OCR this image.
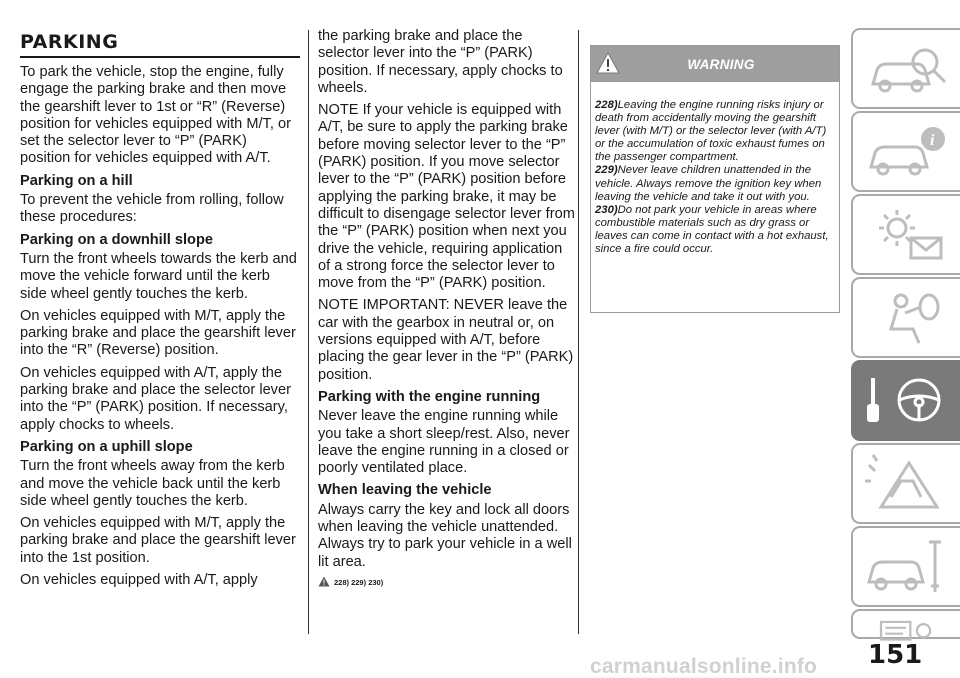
PARKING

To park the vehicle, stop the engine, fully engage the parking brake and then move the gearshift lever to 1st or “R” (Reverse) position for vehicles equipped with M/T, or set the selector lever to “P” (PARK) position for vehicles equipped with A/T.

Parking on a hill

To prevent the vehicle from rolling, follow these procedures:

Parking on a downhill slope

Turn the front wheels towards the kerb and move the vehicle forward until the kerb side wheel gently touches the kerb.

On vehicles equipped with M/T, apply the parking brake and place the gearshift lever into the “R” (Reverse) position.

On vehicles equipped with A/T, apply the parking brake and place the selector lever into the “P” (PARK) position. If necessary, apply chocks to wheels.

Parking on a uphill slope

Turn the front wheels away from the kerb and move the vehicle back until the kerb side wheel gently touches the kerb.

On vehicles equipped with M/T, apply the parking brake and place the gearshift lever into the 1st position.

On vehicles equipped with A/T, apply

the parking brake and place the selector lever into the “P” (PARK) position. If necessary, apply chocks to wheels.

NOTE If your vehicle is equipped with A/T, be sure to apply the parking brake before moving selector lever to the “P” (PARK) position. If you move selector lever to the “P” (PARK) position before applying the parking brake, it may be difficult to disengage selector lever from the “P” (PARK) position when next you drive the vehicle, requiring application of a strong force the selector lever to move from the “P” (PARK) position.

NOTE IMPORTANT: NEVER leave the car with the gearbox in neutral or, on versions equipped with A/T, before placing the gear lever in the “P” (PARK) position.

Parking with the engine running

Never leave the engine running while you take a short sleep/rest. Also, never leave the engine running in a closed or poorly ventilated place.

When leaving the vehicle

Always carry the key and lock all doors when leaving the vehicle unattended. Always try to park your vehicle in a well lit area.

228) 229) 230)
WARNING
228)Leaving the engine running risks injury or death from accidentally moving the gearshift lever (with M/T) or the selector lever (with A/T) or the accumulation of toxic exhaust fumes on the passenger compartment.
229)Never leave children unattended in the vehicle. Always remove the ignition key when leaving the vehicle and take it out with you.
230)Do not park your vehicle in areas where combustible materials such as dry grass or leaves can come in contact with a hot exhaust, since a fire could occur.
i
151
carmanualsonline.info
